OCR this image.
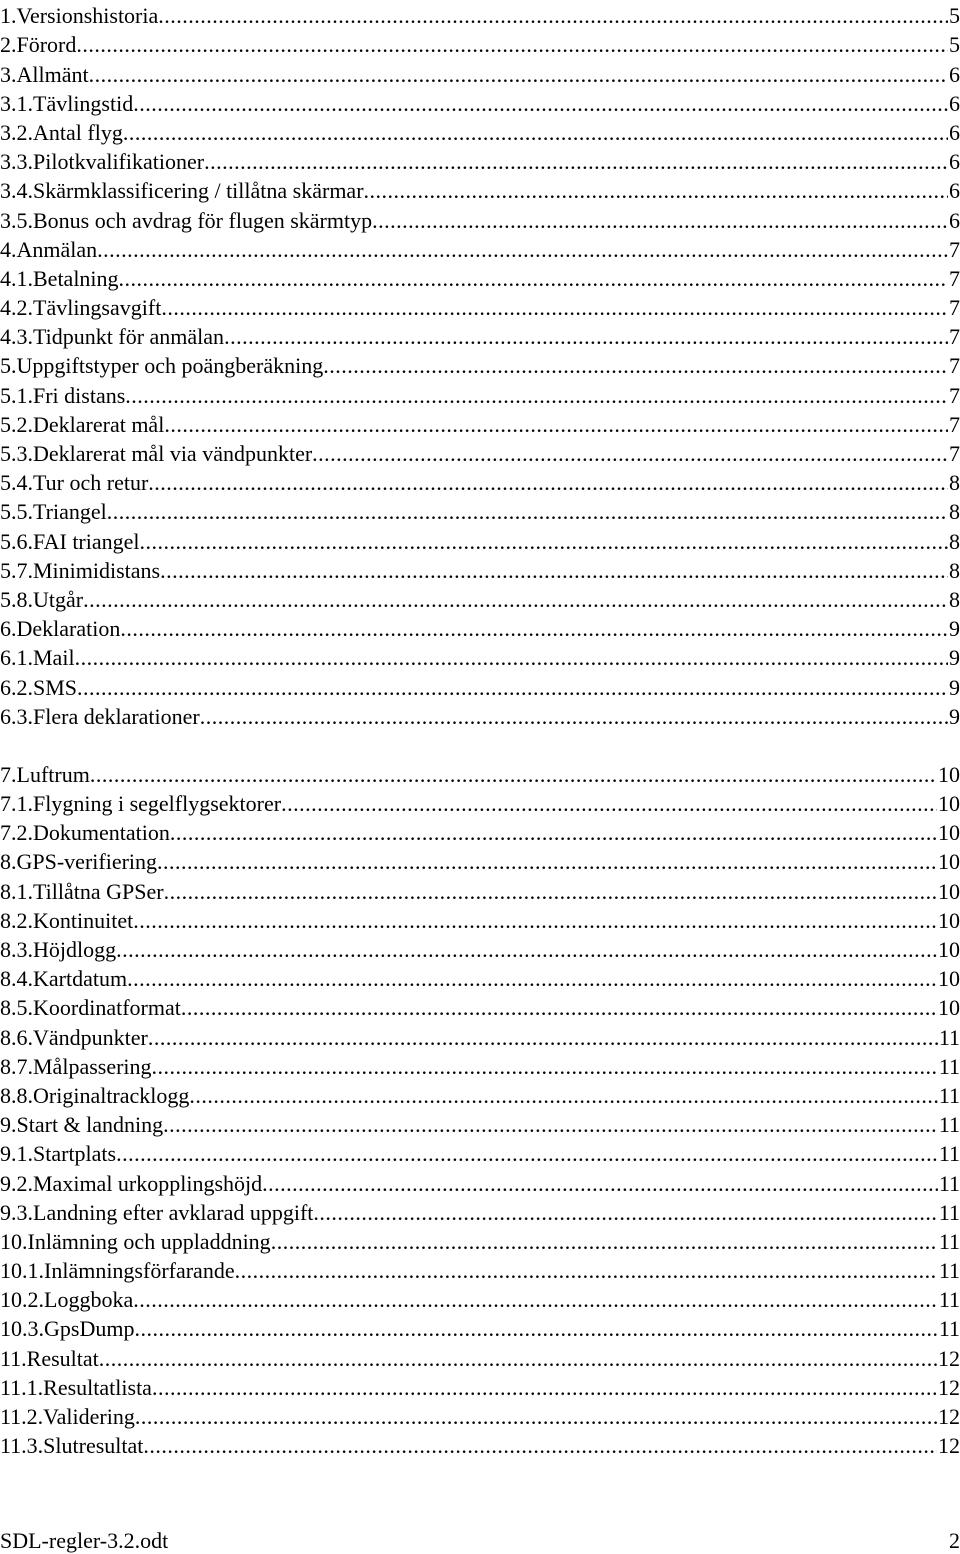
1.Versionshistoria .....	5
2.Förord .....	5
3.Allmänt .....	6
3.1.Tävlingstid .....	6
3.2.Antal flyg .....	6
3.3.Pilotkvalifikationer .....	6
3.4.Skärmklassificering / tillåtna skärmar .....	6
3.5.Bonus och avdrag för flugen skärmtyp .....	6
4.Anmälan .....	7
4.1.Betalning .....	7
4.2.Tävlingsavgift .....	7
4.3.Tidpunkt för anmälan .....	7
5.Uppgiftstyper och poängberäkning .....	7
5.1.Fri distans .....	7
5.2.Deklarerat mål .....	7
5.3.Deklarerat mål via vändpunkter .....	7
5.4.Tur och retur .....	8
5.5.Triangel .....	8
5.6.FAI triangel .....	8
5.7.Minimidistans .....	8
5.8.Utgår .....	8
6.Deklaration .....	9
6.1.Mail .....	9
6.2.SMS .....	9
6.3.Flera deklarationer .....	9
7.Luftrum .....	10
7.1.Flygning i segelflygsektorer .....	10
7.2.Dokumentation .....	10
8.GPS-verifiering .....	10
8.1.Tillåtna GPSer .....	10
8.2.Kontinuitet .....	10
8.3.Höjdlogg .....	10
8.4.Kartdatum .....	10
8.5.Koordinatformat .....	10
8.6.Vändpunkter .....	11
8.7.Målpassering .....	11
8.8.Originaltracklogg .....	11
9.Start & landning .....	11
9.1.Startplats .....	11
9.2.Maximal urkopplingshöjd .....	11
9.3.Landning efter avklarad uppgift .....	11
10.Inlämning och uppladdning .....	11
10.1.Inlämningsförfarande .....	11
10.2.Loggboka .....	11
10.3.GpsDump .....	11
11.Resultat .....	12
11.1.Resultatlista .....	12
11.2.Validering .....	12
11.3.Slutresultat .....	12
SDL-regler-3.2.odt	2
